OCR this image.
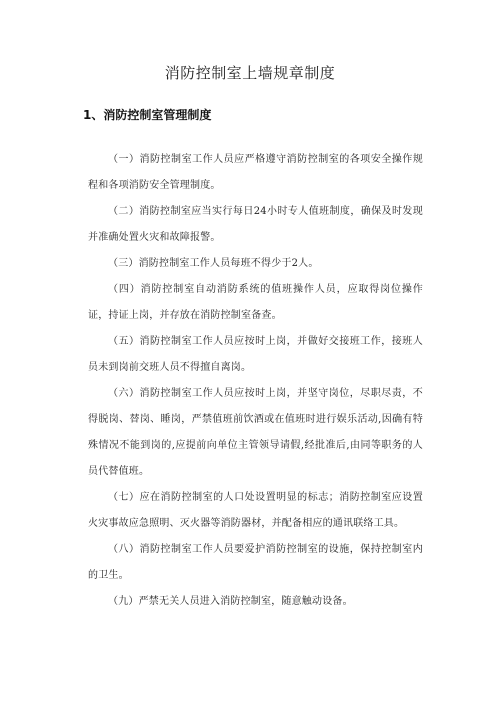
消防控制室上墙规章制度
1、消防控制室管理制度

（一）消防控制室工作人员应严格遵守消防控制室的各项安全操作规程和各项消防安全管理制度。

（二）消防控制室应当实行每日24小时专人值班制度，确保及时发现并准确处置火灾和故障报警。

（三）消防控制室工作人员每班不得少于2人。

（四）消防控制室自动消防系统的值班操作人员，应取得岗位操作证，持证上岗，并存放在消防控制室备查。

（五）消防控制室工作人员应按时上岗，并做好交接班工作，接班人员未到岗前交班人员不得擅自离岗。

（六）消防控制室工作人员应按时上岗，并坚守岗位，尽职尽责，不得脱岗、替岗、睡岗，严禁值班前饮酒或在值班时进行娱乐活动,因确有特殊情况不能到岗的,应提前向单位主管领导请假,经批准后,由同等职务的人员代替值班。

（七）应在消防控制室的人口处设置明显的标志；消防控制室应设置火灾事故应急照明、灭火器等消防器材，并配备相应的通讯联络工具。

（八）消防控制室工作人员要爱护消防控制室的设施，保持控制室内的卫生。

（九）严禁无关人员进入消防控制室，随意触动设备。
